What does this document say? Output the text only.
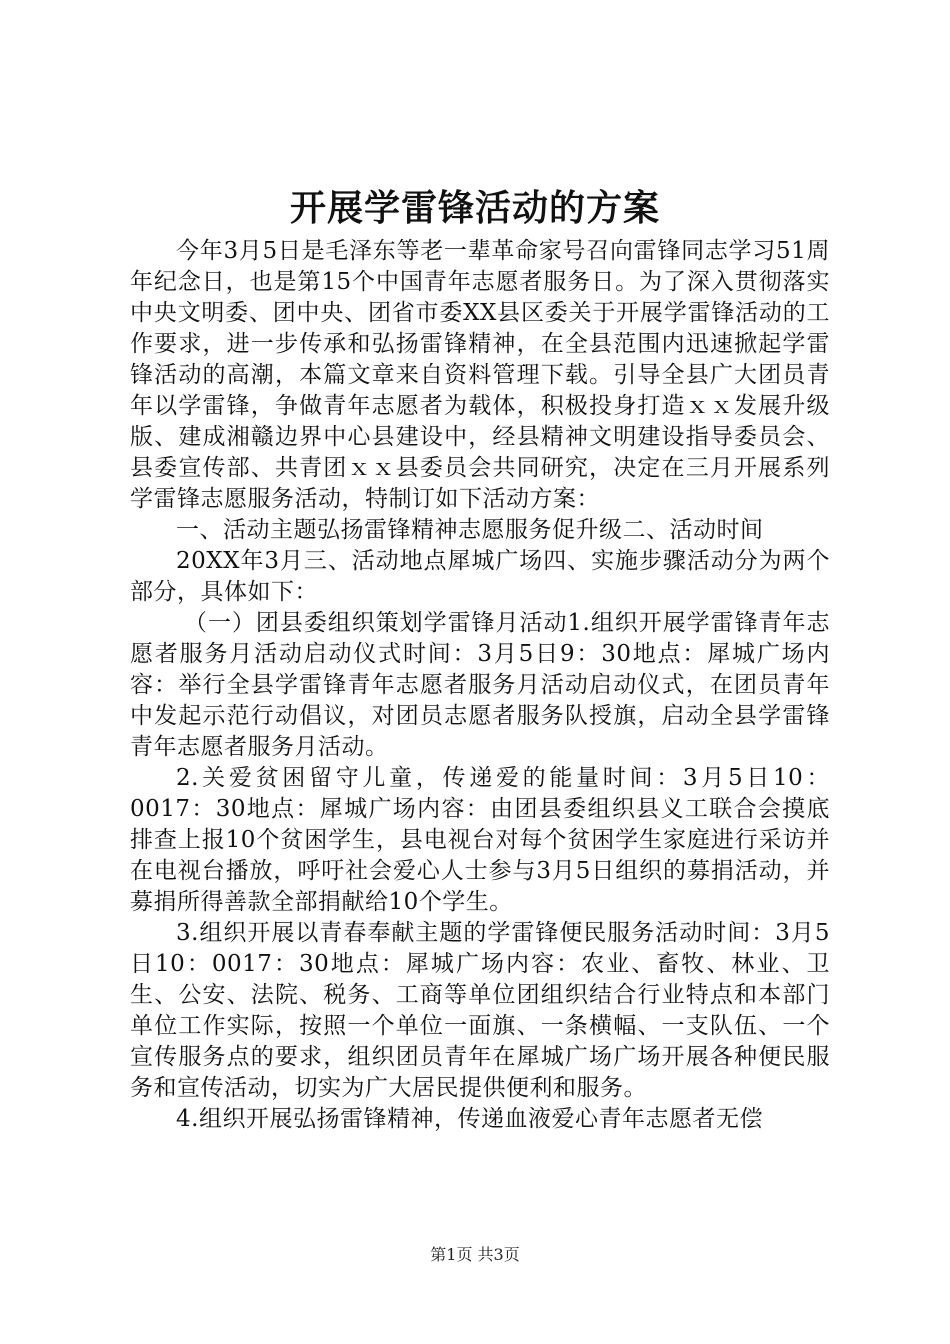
开展学雷锋活动的方案

今年3月5日是毛泽东等老一辈革命家号召向雷锋同志学习51周年纪念日，也是第15个中国青年志愿者服务日。为了深入贯彻落实中央文明委、团中央、团省市委XX县区委关于开展学雷锋活动的工作要求，进一步传承和弘扬雷锋精神，在全县范围内迅速掀起学雷锋活动的高潮，本篇文章来自资料管理下载。引导全县广大团员青年以学雷锋，争做青年志愿者为载体，积极投身打造ｘｘ发展升级版、建成湘赣边界中心县建设中，经县精神文明建设指导委员会、县委宣传部、共青团ｘｘ县委员会共同研究，决定在三月开展系列学雷锋志愿服务活动，特制订如下活动方案：

一、活动主题弘扬雷锋精神志愿服务促升级二、活动时间

20XX年3月三、活动地点犀城广场四、实施步骤活动分为两个部分，具体如下：

（一）团县委组织策划学雷锋月活动1.组织开展学雷锋青年志愿者服务月活动启动仪式时间：3月5日9：30地点：犀城广场内容：举行全县学雷锋青年志愿者服务月活动启动仪式，在团员青年中发起示范行动倡议，对团员志愿者服务队授旗，启动全县学雷锋青年志愿者服务月活动。

2.关爱贫困留守儿童，传递爱的能量时间：3月5日10：0017：30地点：犀城广场内容：由团县委组织县义工联合会摸底排查上报10个贫困学生，县电视台对每个贫困学生家庭进行采访并在电视台播放，呼吁社会爱心人士参与3月5日组织的募捐活动，并募捐所得善款全部捐献给10个学生。

3.组织开展以青春奉献主题的学雷锋便民服务活动时间：3月5日10：0017：30地点：犀城广场内容：农业、畜牧、林业、卫生、公安、法院、税务、工商等单位团组织结合行业特点和本部门单位工作实际，按照一个单位一面旗、一条横幅、一支队伍、一个宣传服务点的要求，组织团员青年在犀城广场广场开展各种便民服务和宣传活动，切实为广大居民提供便利和服务。

4.组织开展弘扬雷锋精神，传递血液爱心青年志愿者无偿

第1页 共3页
